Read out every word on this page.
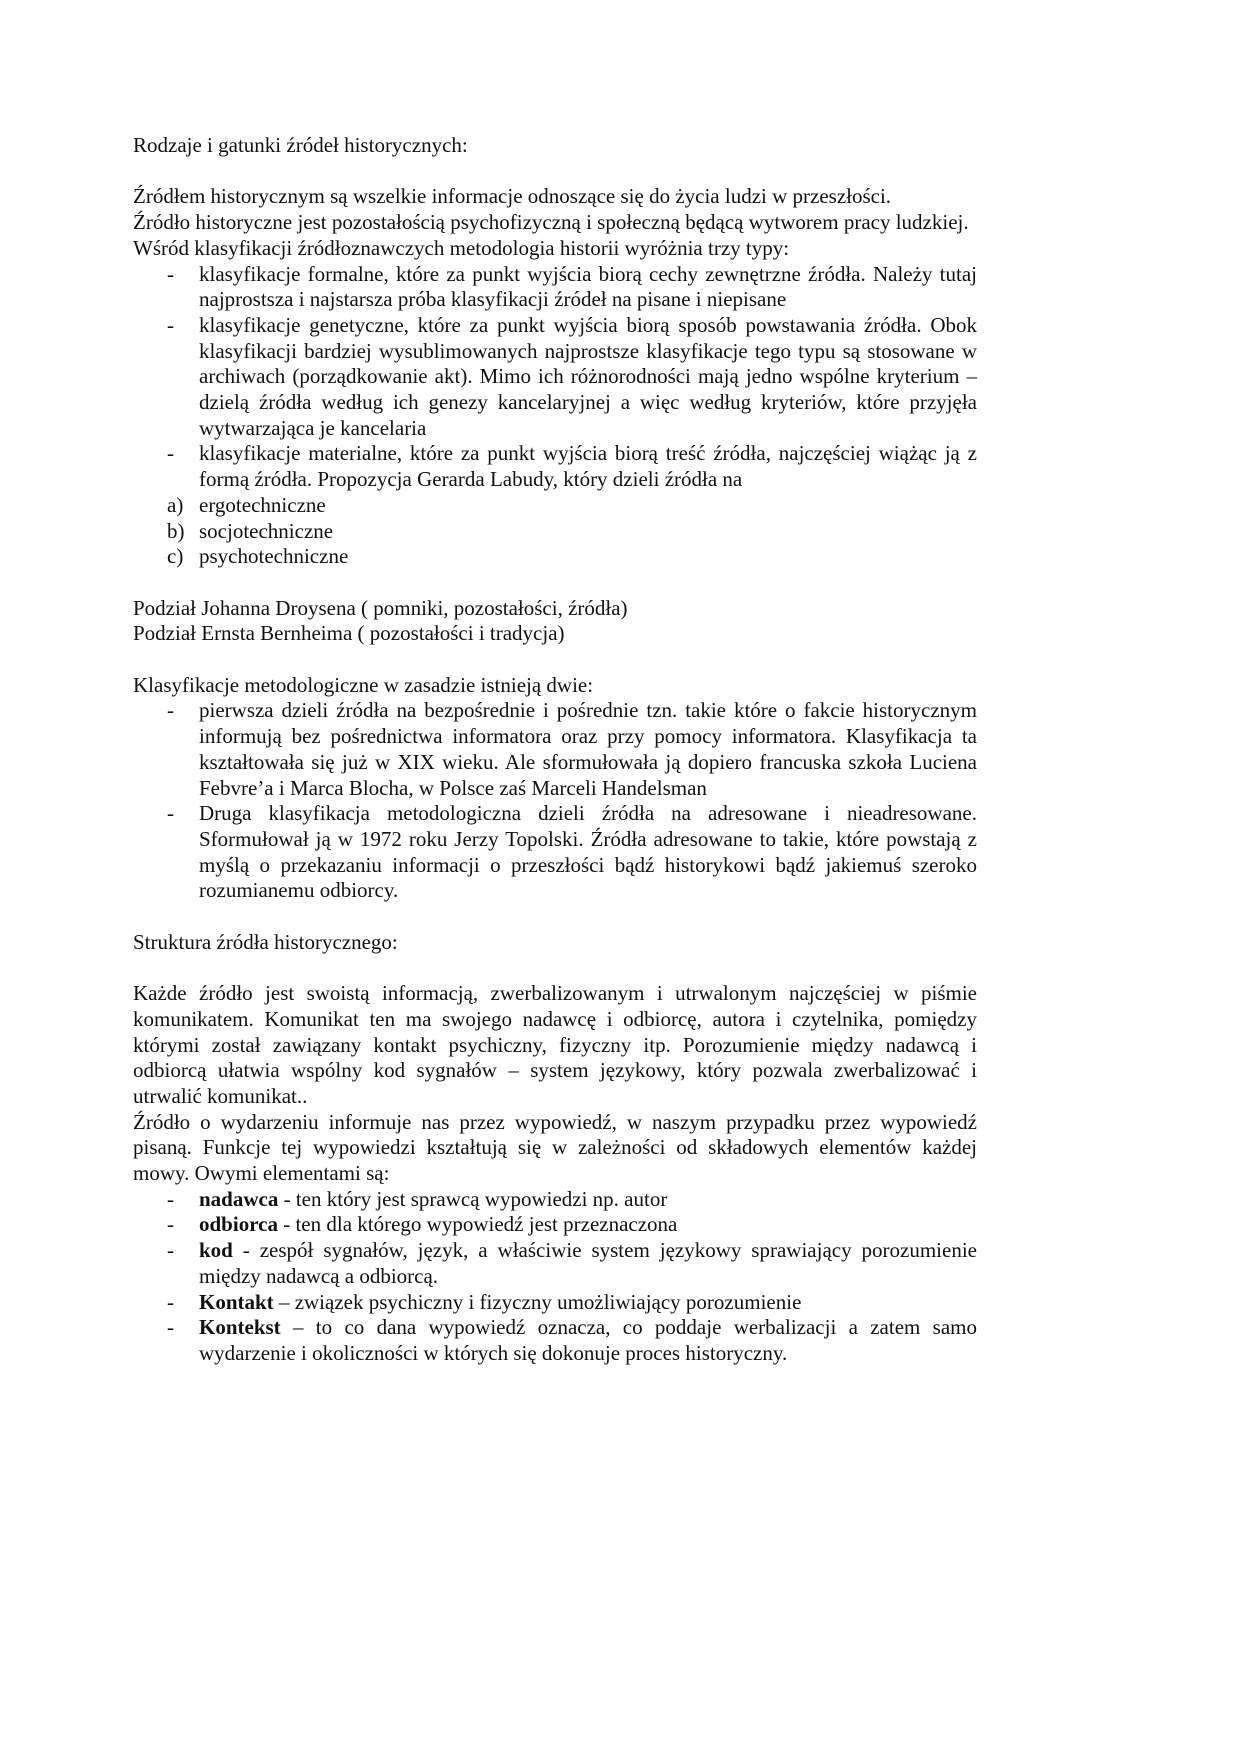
Rodzaje i gatunki źródeł historycznych:

Źródłem historycznym są wszelkie informacje odnoszące się do życia ludzi w przeszłości.

Źródło historyczne jest pozostałością psychofizyczną i społeczną będącą wytworem pracy ludzkiej.

Wśród klasyfikacji źródłoznawczych metodologia historii wyróżnia trzy typy:

- klasyfikacje formalne, które za punkt wyjścia biorą cechy zewnętrzne źródła. Należy tutaj najprostsza i najstarsza próba klasyfikacji źródeł na pisane i niepisane
- klasyfikacje genetyczne, które za punkt wyjścia biorą sposób powstawania źródła. Obok klasyfikacji bardziej wysublimowanych najprostsze klasyfikacje tego typu są stosowane w archiwach (porządkowanie akt). Mimo ich różnorodności mają jedno wspólne kryterium – dzielą źródła według ich genezy kancelaryjnej a więc według kryteriów, które przyjęła wytwarzająca je kancelaria
- klasyfikacje materialne, które za punkt wyjścia biorą treść źródła, najczęściej wiążąc ją z formą źródła. Propozycja Gerarda Labudy, który dzieli źródła na
a) ergotechniczne
b) socjotechniczne
c) psychotechniczne

Podział Johanna Droysena ( pomniki, pozostałości, źródła)

Podział Ernsta Bernheima ( pozostałości i tradycja)

Klasyfikacje metodologiczne w zasadzie istnieją dwie:

- pierwsza dzieli źródła na bezpośrednie i pośrednie tzn. takie które o fakcie historycznym informują bez pośrednictwa informatora oraz przy pomocy informatora. Klasyfikacja ta kształtowała się już w XIX wieku. Ale sformułowała ją dopiero francuska szkoła Luciena Febvre’a i Marca Blocha, w Polsce zaś Marceli Handelsman
- Druga klasyfikacja metodologiczna dzieli źródła na adresowane i nieadresowane. Sformułował ją w 1972 roku Jerzy Topolski. Źródła adresowane to takie, które powstają z myślą o przekazaniu informacji o przeszłości bądź historykowi bądź jakiemuś szeroko rozumianemu odbiorcy.

Struktura źródła historycznego:

Każde źródło jest swoistą informacją, zwerbalizowanym i utrwalonym najczęściej w piśmie komunikatem. Komunikat ten ma swojego nadawcę i odbiorcę, autora i czytelnika, pomiędzy którymi został zawiązany kontakt psychiczny, fizyczny itp. Porozumienie między nadawcą i odbiorcą ułatwia wspólny kod sygnałów – system językowy, który pozwala zwerbalizować i utrwalić komunikat..

Źródło o wydarzeniu informuje nas przez wypowiedź, w naszym przypadku przez wypowiedź pisaną. Funkcje tej wypowiedzi kształtują się w zależności od składowych elementów każdej mowy. Owymi elementami są:

- nadawca - ten który jest sprawcą wypowiedzi np. autor
- odbiorca - ten dla którego wypowiedź jest przeznaczona
- kod - zespół sygnałów, język, a właściwie system językowy sprawiający porozumienie między nadawcą a odbiorcą.
- Kontakt – związek psychiczny i fizyczny umożliwiający porozumienie
- Kontekst – to co dana wypowiedź oznacza, co poddaje werbalizacji a zatem samo wydarzenie i okoliczności w których się dokonuje proces historyczny.
